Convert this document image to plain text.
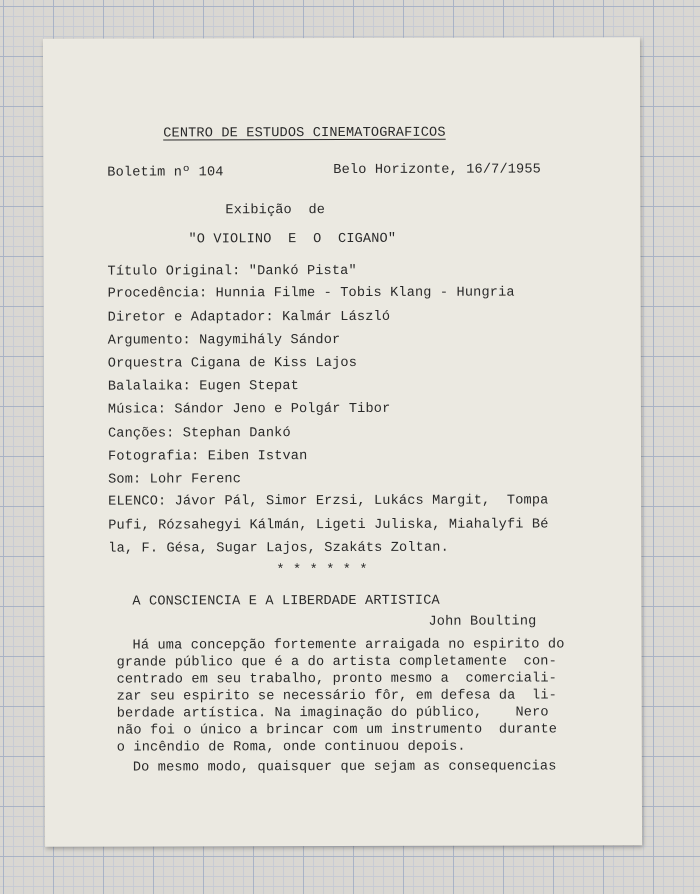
CENTRO DE ESTUDOS CINEMATOGRAFICOS
Boletim nº 104	Belo Horizonte, 16/7/1955
Exibição  de
"O VIOLINO  E  O  CIGANO"
Título Original: "Dankó Pista"
Procedência: Hunnia Filme - Tobis Klang - Hungria
Diretor e Adaptador: Kalmár László
Argumento: Nagymihály Sándor
Orquestra Cigana de Kiss Lajos
Balalaika: Eugen Stepat
Música: Sándor Jeno e Polgár Tibor
Canções: Stephan Dankó
Fotografia: Eiben Istvan
Som: Lohr Ferenc
ELENCO: Jávor Pál, Simor Erzsi, Lukács Margit,  Tompa
Pufi, Rózsahegyi Kálmán, Ligeti Juliska, Miahalyfi Bé
la, F. Gésa, Sugar Lajos, Szakáts Zoltan.
* * * * * *
A CONSCIENCIA E A LIBERDADE ARTISTICA
John Boulting
Há uma concepção fortemente arraigada no espirito do
grande público que é a do artista completamente  con-
centrado em seu trabalho, pronto mesmo a  comerciali-
zar seu espirito se necessário fôr, em defesa da  li-
berdade artística. Na imaginação do público,    Nero
não foi o único a brincar com um instrumento  durante
o incêndio de Roma, onde continuou depois.
Do mesmo modo, quaisquer que sejam as consequencias
